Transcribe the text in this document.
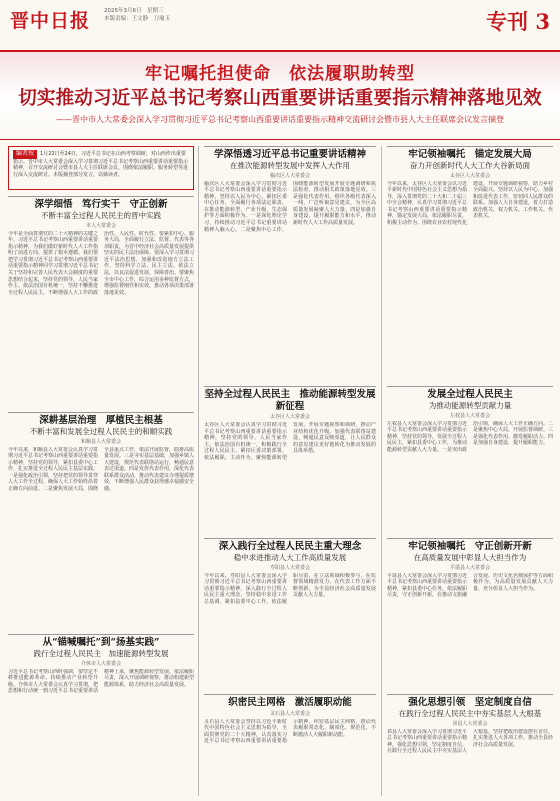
晋中日报	2025年3月6日　星期三
本版责编：王文静　刀瑜玉	专刊 3
牢记嘱托担使命　依法履职助转型
切实推动习近平总书记考察山西重要讲话重要指示精神落地见效
——晋中市人大常委会深入学习贯彻习近平总书记考察山西重要讲话重要指示精神交流研讨会暨市县人大主任联席会议发言摘登
编者按 1月22日至24日，习近平总书记在山西考察调研，对山西作出重要指示。晋中市人大常委会深入学习贯彻习近平总书记考察山西重要讲话重要指示精神，召开交流研讨会暨市县人大主任联席会议，围绕依法履职、服务转型等进行深入交流研讨。本版摘登部分发言，以飨读者。
深学细悟　笃行实干　守正创新
不断丰富全过程人民民主的晋中实践
市人大常委会
今年是全面贯彻党的二十大精神的关键之年。习近平总书记考察山西重要讲话重要指示精神，为我们做好新时代人大工作指明了前进方向、提供了根本遵循。我们要把学习贯彻习近平总书记考察山西重要讲话重要指示精神同学习贯彻习近平总书记关于坚持和完善人民代表大会制度的重要思想结合起来，坚持党的领导、人民当家作主、依法治国有机统一，坚持不懈推进全过程人民民主，不断增强人大工作的政治性、人民性、时代性。要紧扣中心、服务大局，全面履行立法、监督、代表等各项职责，为晋中经济社会高质量发展提供坚实的民主法治保障。要深入学习贯彻习近平法治思想，加强和改进地方立法工作，坚持科学立法、民主立法、依法立法，以良法促进发展、保障善治。要聚焦全市中心工作，综合运用多种监督方式，增强监督刚性和实效，推动各项决策部署落地见效。
深耕基层治理　厚植民主根基
不断丰富和发展全过程人民民主的和顺实践
和顺县人大常委会
今年以来，和顺县人大常委会认真学习贯彻习近平总书记考察山西重要讲话重要指示精神，坚持党的领导，紧扣县委中心工作，扎实推进全过程人民民主基层实践。一是强化政治引领，坚持把党的领导贯穿人大工作全过程，确保人大工作始终沿着正确方向前进。二是聚焦发展大局，围绕全县重点工作，依法开展监督，助推高质量发展。三是夯实基层基础，加强乡镇人大建设，规范代表联络站运行，畅通民意表达渠道。四是发挥代表作用，深化代表联系群众活动，推动代表建议办理提质增效，不断增强人民群众获得感幸福感安全感。
从“锚喊嘱托”到“扬基实践”
践行全过程人民民主　加速能源转型发展
介休市人大常委会
习近平总书记考察山西时强调，要坚定不移推进能源革命，持续推动产业转型升级。介休市人大常委会认真学习贯彻，把思想和行动统一到习近平总书记重要讲话精神上来，聚焦能源转型发展，依法履职尽责，深入开展调研视察，推动构建新型能源体系，助力经济社会高质量发展。
学深悟透习近平总书记重要讲话精神
在推次能源转型发展中发挥人大作用
榆次区人大常委会
榆次区人大常委会深入学习贯彻习近平总书记考察山西重要讲话重要指示精神，坚持以人民为中心，紧扣区委中心任务，全面履行各项法定职责，在推动能源转型、产业升级、生态保护等方面积极作为。一是深化理论学习，持续推动习近平总书记重要讲话精神入脑入心。二是聚焦中心工作，围绕能源转型发展开展专题调研和执法检查，推动相关政策落地见效。三是强化代表作用，组织各级代表深入一线，广泛听取意见建议，为全区高质量发展凝聚人大力量。四是加强自身建设，提升履职能力和水平，推动新时代人大工作高质量发展。
坚持全过程人民民主　推动能源转型发展新征程
太谷区人大常委会
太谷区人大常委会认真学习贯彻习近平总书记考察山西重要讲话重要指示精神，坚持党的领导、人民当家作主、依法治国有机统一，积极践行全过程人民民主，紧扣区委决策部署，依法履职，主动作为。聚焦能源转型发展，开展专题视察和调研，推动产业结构优化升级。加强代表联络站建设，畅通民意反映渠道，让人民群众的意见建议更好地转化为推动发展的具体举措。
深入践行全过程人民民主重大理念
稳中求进推动人大工作高质量发展
寿阳县人大常委会
今年以来，寿阳县人大常委会深入学习贯彻习近平总书记考察山西重要讲话重要指示精神，深入践行全过程人民民主重大理念，坚持稳中求进工作总基调，紧扣县委中心工作，依法履职尽责。在立法领域积极参与，在监督领域精准发力，在代表工作方面不断创新，为全县经济社会高质量发展贡献人大力量。
织密民主网格　激活履职动能
灵石县人大常委会
灵石县人大常委会坚持以习近平新时代中国特色社会主义思想为指导，全面贯彻党的二十大精神，认真落实习近平总书记考察山西重要讲话重要指示精神，织密基层民主网格，推动代表履职常态化、制度化、规范化，不断激活人大履职新动能。
牢记领袖嘱托　锚定发展大局
奋力开创新时代人大工作大谷新局面
太谷区人大常委会
今年以来，太谷区人大常委会以习近平新时代中国特色社会主义思想为指导，深入贯彻党的二十大和二十届三中全会精神，认真学习贯彻习近平总书记考察山西重要讲话重要指示精神，锚定发展大局，依法履职尽责，积极主动作为。围绕农业农村现代化建设，开展专题调研视察，助力乡村全面振兴。坚持以人民为中心，加强和改进代表工作，密切同人民群众的联系。加强人大自身建设，着力打造政治机关、权力机关、工作机关、代表机关。
发展全过程人民民主
为推动能源转型贡献力量
左权县人大常委会
左权县人大常委会深入学习贯彻习近平总书记考察山西重要讲话重要指示精神，坚持党的领导，发展全过程人民民主，紧扣县委中心工作，为推动能源转型贡献人大力量。一是突出政治引领，确保人大工作正确方向。二是聚焦中心大局，开展监督调研。三是强化代表作用，激发履职活力。四是加强自身建设，提升履职能力。
牢记领袖嘱托　守正创新开新
在高质量发展中彰显人大担当作为
平遥县人大常委会
平遥县人大常委会深入学习贯彻习近平总书记考察山西重要讲话重要指示精神，紧扣县委中心任务，依法履职尽责，守正创新开新，在推动文旅融合发展、历史文化名城保护等方面积极作为，为高质量发展贡献人大力量，充分彰显人大担当作为。
强化思想引领　坚定制度自信
在践行全过程人民民主中夯实基层人大根基
祁县人大常委会
祁县人大常委会深入学习贯彻习近平总书记考察山西重要讲话重要指示精神，强化思想引领，坚定制度自信，在践行全过程人民民主中夯实基层人大根基。坚持把政治建设摆在首位，扎实推进人大各项工作，推动全县经济社会高质量发展。
